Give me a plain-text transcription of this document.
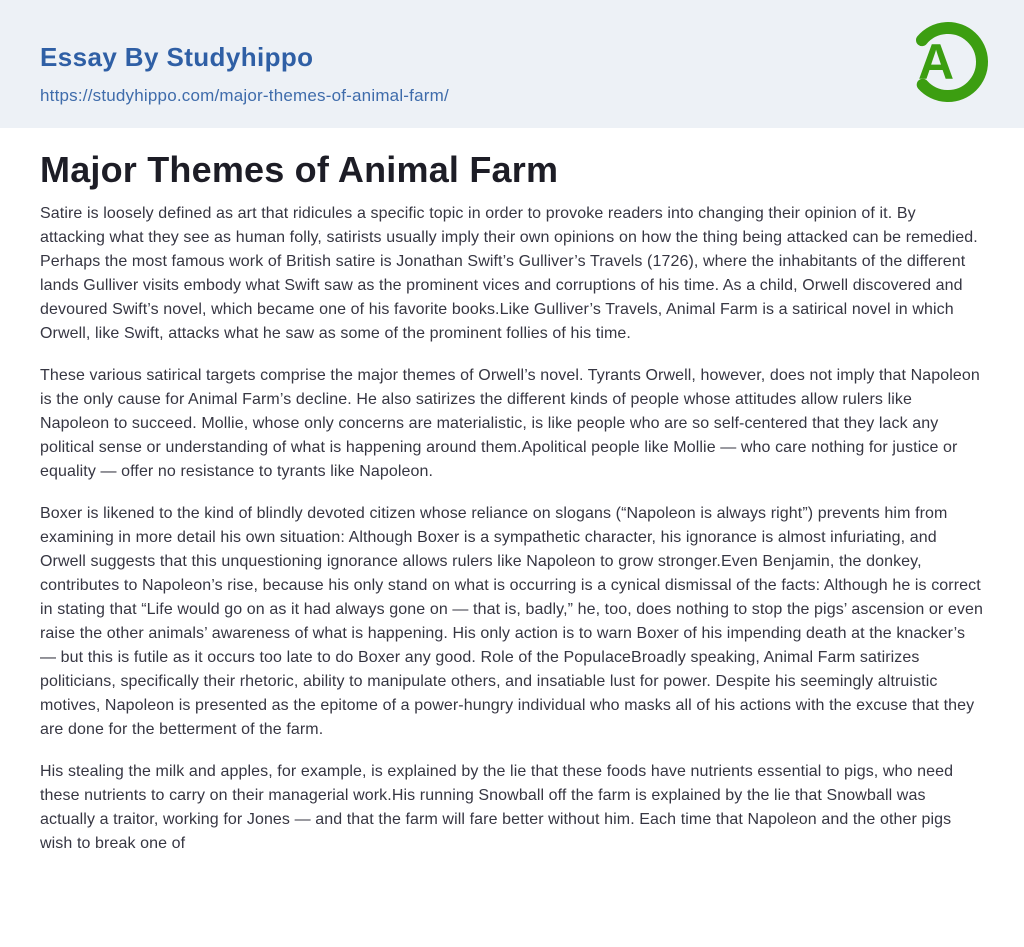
Essay By Studyhippo
https://studyhippo.com/major-themes-of-animal-farm/
A
Major Themes of Animal Farm

Satire is loosely defined as art that ridicules a specific topic in order to provoke readers into changing their opinion of it. By attacking what they see as human folly, satirists usually imply their own opinions on how the thing being attacked can be remedied. Perhaps the most famous work of British satire is Jonathan Swift’s Gulliver’s Travels (1726), where the inhabitants of the different lands Gulliver visits embody what Swift saw as the prominent vices and corruptions of his time. As a child, Orwell discovered and devoured Swift’s novel, which became one of his favorite books.Like Gulliver’s Travels, Animal Farm is a satirical novel in which Orwell, like Swift, attacks what he saw as some of the prominent follies of his time.

These various satirical targets comprise the major themes of Orwell’s novel. Tyrants Orwell, however, does not imply that Napoleon is the only cause for Animal Farm’s decline. He also satirizes the different kinds of people whose attitudes allow rulers like Napoleon to succeed. Mollie, whose only concerns are materialistic, is like people who are so self-centered that they lack any political sense or understanding of what is happening around them.Apolitical people like Mollie — who care nothing for justice or equality — offer no resistance to tyrants like Napoleon.

Boxer is likened to the kind of blindly devoted citizen whose reliance on slogans (“Napoleon is always right”) prevents him from examining in more detail his own situation: Although Boxer is a sympathetic character, his ignorance is almost infuriating, and Orwell suggests that this unquestioning ignorance allows rulers like Napoleon to grow stronger.Even Benjamin, the donkey, contributes to Napoleon’s rise, because his only stand on what is occurring is a cynical dismissal of the facts: Although he is correct in stating that “Life would go on as it had always gone on — that is, badly,” he, too, does nothing to stop the pigs’ ascension or even raise the other animals’ awareness of what is happening. His only action is to warn Boxer of his impending death at the knacker’s — but this is futile as it occurs too late to do Boxer any good. Role of the PopulaceBroadly speaking, Animal Farm satirizes politicians, specifically their rhetoric, ability to manipulate others, and insatiable lust for power. Despite his seemingly altruistic motives, Napoleon is presented as the epitome of a power-hungry individual who masks all of his actions with the excuse that they are done for the betterment of the farm.

His stealing the milk and apples, for example, is explained by the lie that these foods have nutrients essential to pigs, who need these nutrients to carry on their managerial work.His running Snowball off the farm is explained by the lie that Snowball was actually a traitor, working for Jones — and that the farm will fare better without him. Each time that Napoleon and the other pigs wish to break one of
